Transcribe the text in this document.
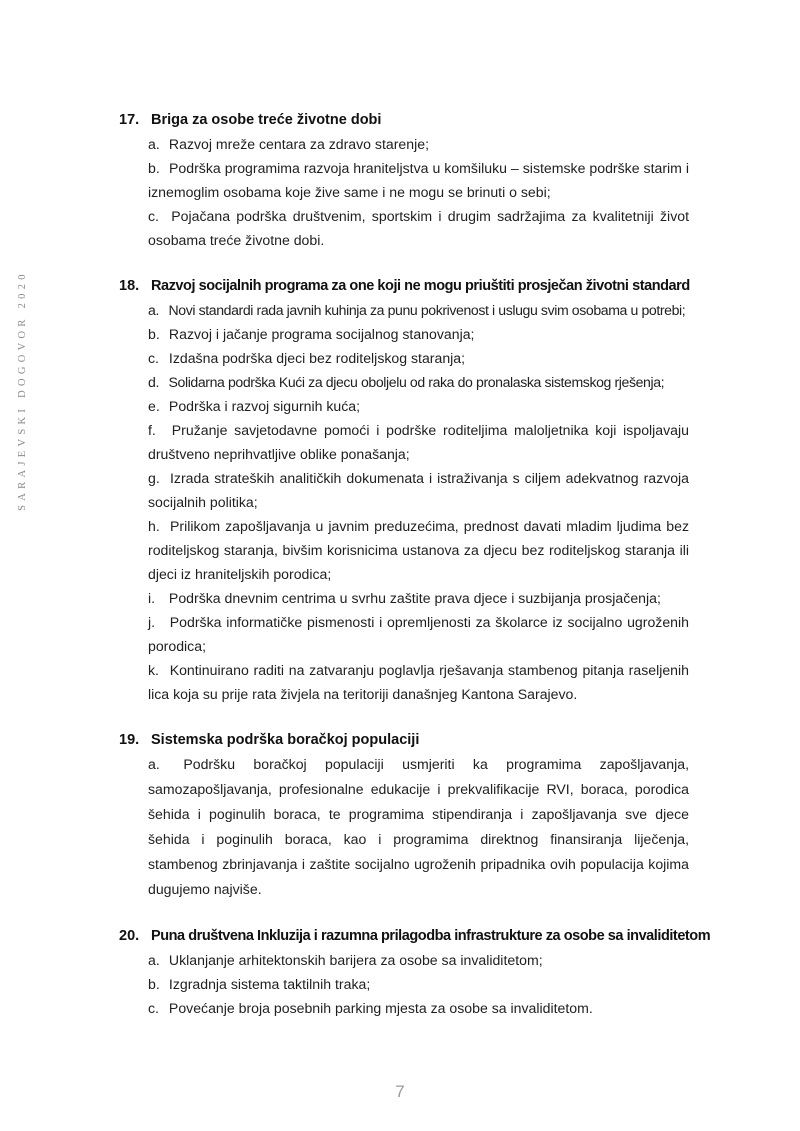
SARAJEVSKI DOGOVOR 2020
17. Briga za osobe treće životne dobi
a. Razvoj mreže centara za zdravo starenje;
b. Podrška programima razvoja hraniteljstva u komšiluku – sistemske podrške starim i iznemoglim osobama koje žive same i ne mogu se brinuti o sebi;
c. Pojačana podrška društvenim, sportskim i drugim sadržajima za kvalitetniji život osobama treće životne dobi.
18. Razvoj socijalnih programa za one koji ne mogu priuštiti prosječan životni standard
a. Novi standardi rada javnih kuhinja za punu pokrivenost i uslugu svim osobama u potrebi;
b. Razvoj i jačanje programa socijalnog stanovanja;
c. Izdašna podrška djeci bez roditeljskog staranja;
d. Solidarna podrška Kući za djecu oboljelu od raka do pronalaska sistemskog rješenja;
e. Podrška i razvoj sigurnih kuća;
f. Pružanje savjetodavne pomoći i podrške roditeljima maloljetnika koji ispoljavaju društveno neprihvatljive oblike ponašanja;
g. Izrada strateških analitičkih dokumenata i istraživanja s ciljem adekvatnog razvoja socijalnih politika;
h. Prilikom zapošljavanja u javnim preduzećima, prednost davati mladim ljudima bez roditeljskog staranja, bivšim korisnicima ustanova za djecu bez roditeljskog staranja ili djeci iz hraniteljskih porodica;
i. Podrška dnevnim centrima u svrhu zaštite prava djece i suzbijanja prosjačenja;
j. Podrška informatičke pismenosti i opremljenosti za školarce iz socijalno ugroženih porodica;
k. Kontinuirano raditi na zatvaranju poglavlja rješavanja stambenog pitanja raseljenih lica koja su prije rata živjela na teritoriji današnjeg Kantona Sarajevo.
19. Sistemska podrška boračkoj populaciji
a. Podršku boračkoj populaciji usmjeriti ka programima zapošljavanja, samozapošljavanja, profesionalne edukacije i prekvalifikacije RVI, boraca, porodica šehida i poginulih boraca, te programima stipendiranja i zapošljavanja sve djece šehida i poginulih boraca, kao i programima direktnog finansiranja liječenja, stambenog zbrinjavanja i zaštite socijalno ugroženih pripadnika ovih populacija kojima dugujemo najviše.
20. Puna društvena Inkluzija i razumna prilagodba infrastrukture za osobe sa invaliditetom
a. Uklanjanje arhitektonskih barijera za osobe sa invaliditetom;
b. Izgradnja sistema taktilnih traka;
c. Povećanje broja posebnih parking mjesta za osobe sa invaliditetom.
7
